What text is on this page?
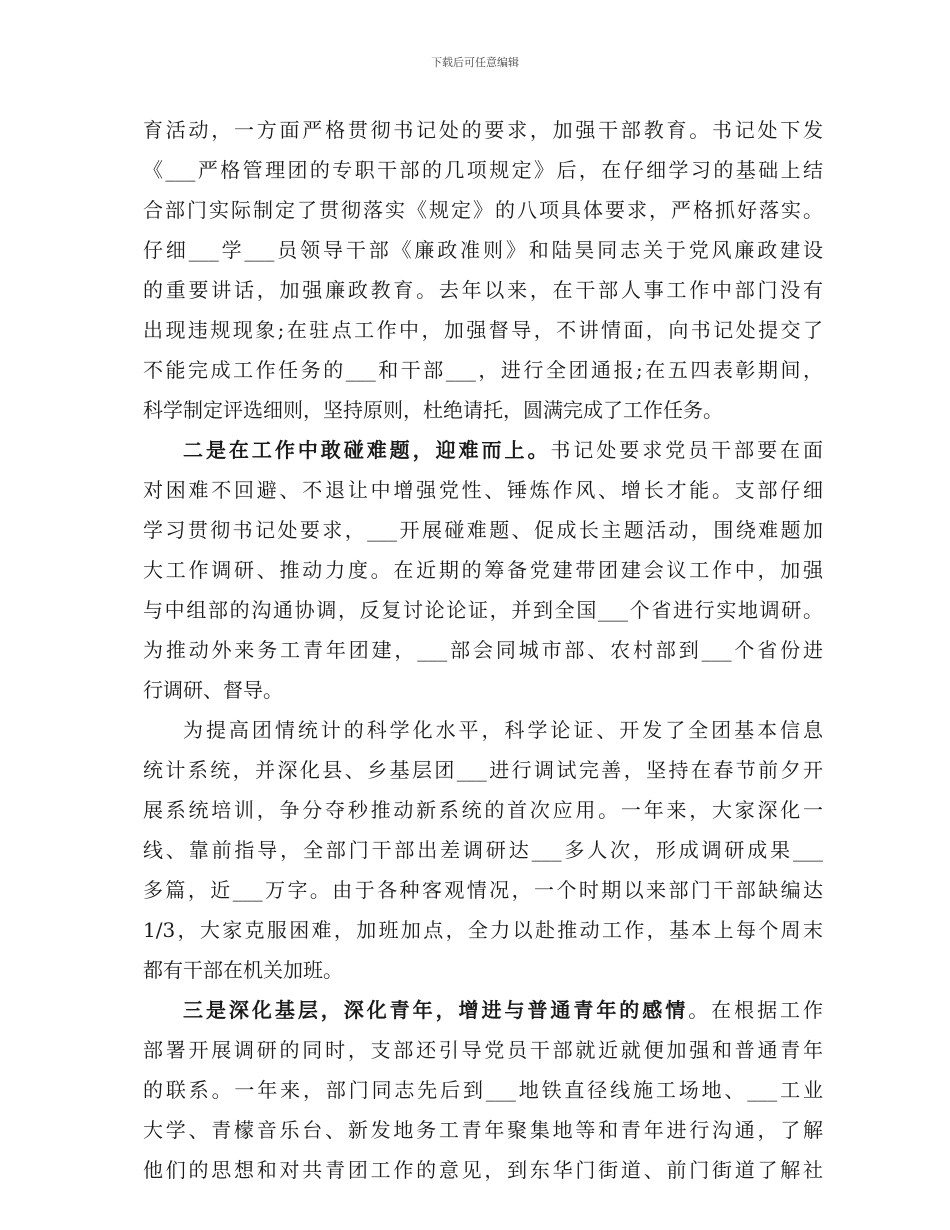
下载后可任意编辑
育活动，一方面严格贯彻书记处的要求，加强干部教育。书记处下发
《___严格管理团的专职干部的几项规定》后，在仔细学习的基础上结
合部门实际制定了贯彻落实《规定》的八项具体要求，严格抓好落实。
仔细___学___员领导干部《廉政准则》和陆昊同志关于党风廉政建设
的重要讲话，加强廉政教育。去年以来，在干部人事工作中部门没有
出现违规现象;在驻点工作中，加强督导，不讲情面，向书记处提交了
不能完成工作任务的___和干部___，进行全团通报;在五四表彰期间，
科学制定评选细则，坚持原则，杜绝请托，圆满完成了工作任务。
二是在工作中敢碰难题，迎难而上。书记处要求党员干部要在面
对困难不回避、不退让中增强党性、锤炼作风、增长才能。支部仔细
学习贯彻书记处要求，___开展碰难题、促成长主题活动，围绕难题加
大工作调研、推动力度。在近期的筹备党建带团建会议工作中，加强
与中组部的沟通协调，反复讨论论证，并到全国___个省进行实地调研。
为推动外来务工青年团建，___部会同城市部、农村部到___个省份进
行调研、督导。
为提高团情统计的科学化水平，科学论证、开发了全团基本信息
统计系统，并深化县、乡基层团___进行调试完善，坚持在春节前夕开
展系统培训，争分夺秒推动新系统的首次应用。一年来，大家深化一
线、靠前指导，全部门干部出差调研达___多人次，形成调研成果___
多篇，近___万字。由于各种客观情况，一个时期以来部门干部缺编达
1/3，大家克服困难，加班加点，全力以赴推动工作，基本上每个周末
都有干部在机关加班。
三是深化基层，深化青年，增进与普通青年的感情。在根据工作
部署开展调研的同时，支部还引导党员干部就近就便加强和普通青年
的联系。一年来，部门同志先后到___地铁直径线施工场地、___工业
大学、青檬音乐台、新发地务工青年聚集地等和青年进行沟通，了解
他们的思想和对共青团工作的意见，到东华门街道、前门街道了解社
